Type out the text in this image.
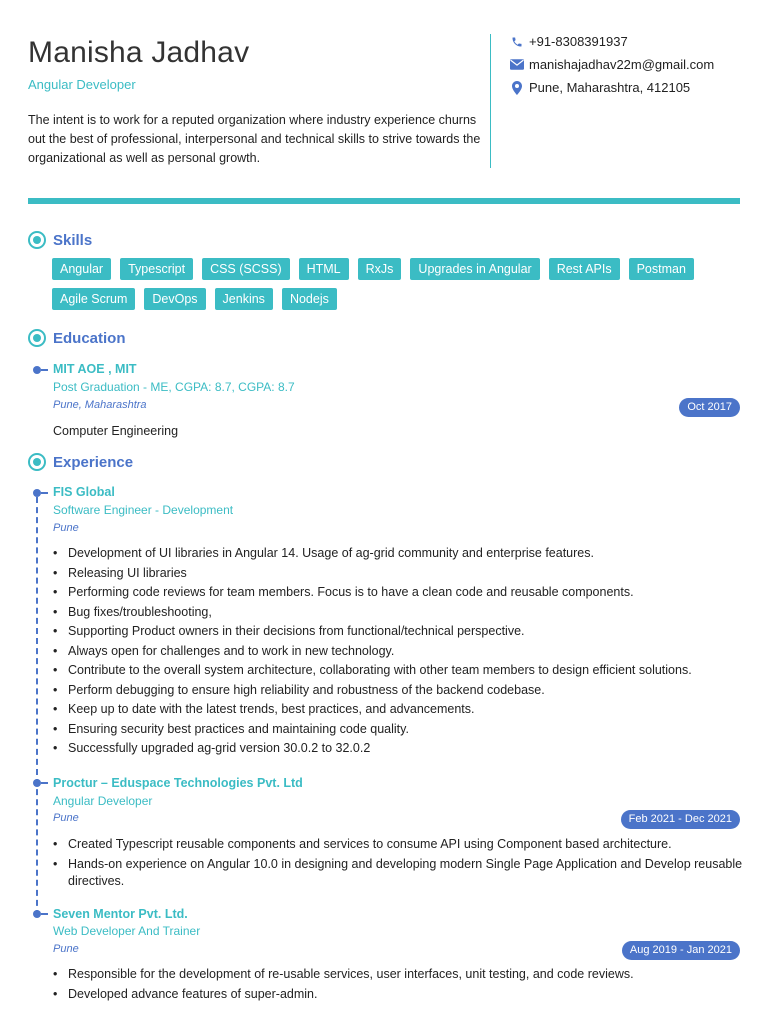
Manisha Jadhav
Angular Developer
The intent is to work for a reputed organization where industry experience churns out the best of professional, interpersonal and technical skills to strive towards the organizational as well as personal growth.
+91-8308391937
manishajadhav22m@gmail.com
Pune, Maharashtra, 412105
Skills
Angular	Typescript	CSS (SCSS)	HTML	RxJs	Upgrades in Angular	Rest APIs	Postman
Agile Scrum	DevOps	Jenkins	Nodejs
Education
MIT AOE , MIT
Post Graduation - ME, CGPA: 8.7, CGPA: 8.7
Pune, Maharashtra	Oct 2017
Computer Engineering
Experience
FIS Global
Software Engineer - Development
Pune
• Development of UI libraries in Angular 14. Usage of ag-grid community and enterprise features.
• Releasing UI libraries
• Performing code reviews for team members. Focus is to have a clean code and reusable components.
• Bug fixes/troubleshooting,
• Supporting Product owners in their decisions from functional/technical perspective.
• Always open for challenges and to work in new technology.
• Contribute to the overall system architecture, collaborating with other team members to design efficient solutions.
• Perform debugging to ensure high reliability and robustness of the backend codebase.
• Keep up to date with the latest trends, best practices, and advancements.
• Ensuring security best practices and maintaining code quality.
• Successfully upgraded ag-grid version 30.0.2 to 32.0.2
Proctur – Eduspace Technologies Pvt. Ltd
Angular Developer
Pune	Feb 2021 - Dec 2021
• Created Typescript reusable components and services to consume API using Component based architecture.
• Hands-on experience on Angular 10.0 in designing and developing modern Single Page Application and Develop reusable directives.
Seven Mentor Pvt. Ltd.
Web Developer And Trainer
Pune	Aug 2019 - Jan 2021
• Responsible for the development of re-usable services, user interfaces, unit testing, and code reviews.
• Developed advance features of super-admin.
